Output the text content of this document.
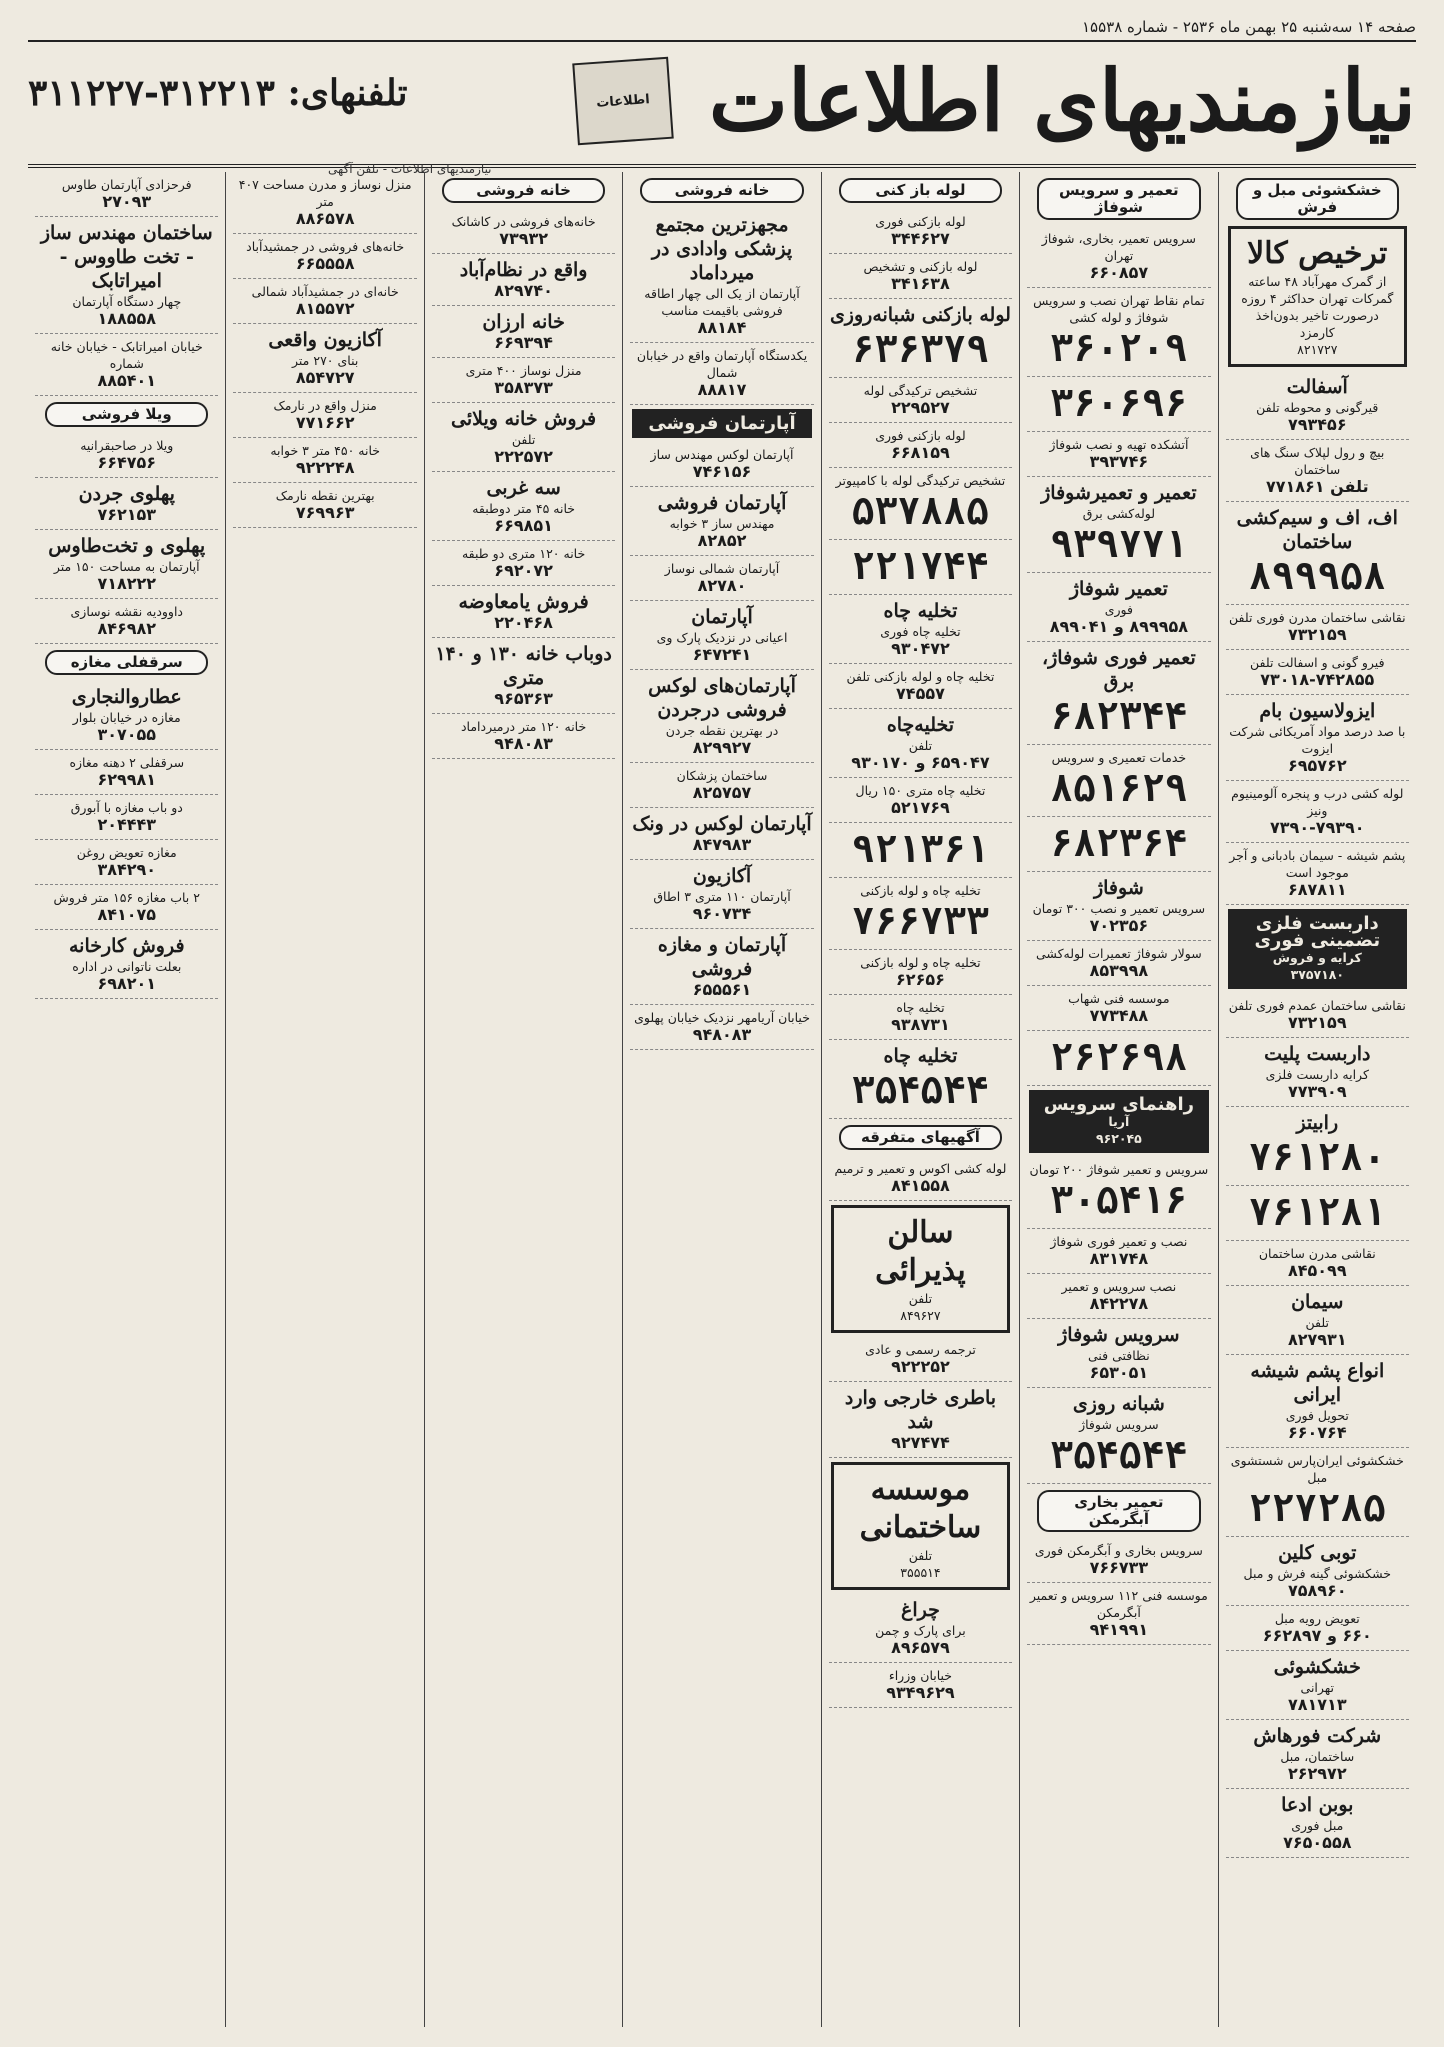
صفحه ۱۴ سه‌شنبه ۲۵ بهمن ماه ۲۵۳۶ - شماره ۱۵۵۳۸
نیازمندیهای اطلاعات
اطلاعات
تلفنهای: ۳۱۲۲۱۳-۳۱۱۲۲۷
نیازمندیهای اطلاعات - تلفن آگهی
خشکشوئی مبل و فرش
ترخیص کالا
از گمرک مهرآباد ۴۸ ساعته گمرکات تهران حداکثر ۴ روزه درصورت تاخیر بدون‌اخذ کارمزد
۸۲۱۷۲۷
آسفالت
قیرگونی و محوطه تلفن
۷۹۳۴۵۶
بیچ و رول لپلاک سنگ های ساختمان
تلفن ۷۷۱۸۶۱
اف، اف و سیم‌کشی ساختمان
۸۹۹۹۵۸
نقاشی ساختمان مدرن فوری تلفن
۷۳۲۱۵۹
فیرو گونی و اسفالت تلفن
۷۳۰۱۸-۷۴۲۸۵۵
ایزولاسیون بام
با صد درصد مواد آمریکائی شرکت ایزوت
۶۹۵۷۶۲
لوله کشی درب و پنجره آلومینیوم ونیز
۷۳۹۰-۷۹۳۹۰
پشم شیشه - سیمان بادبانی و آجر موجود است
۶۸۷۸۱۱
داربست فلزی تضمینی فوری
کرایه و فروش
۳۷۵۷۱۸۰
نقاشی ساختمان عمدم فوری تلفن
۷۳۲۱۵۹
داربست پلیت
کرایه داربست فلزی
۷۷۳۹۰۹
رابیتز
۷۶۱۲۸۰
۷۶۱۲۸۱
نقاشی مدرن ساختمان
۸۴۵۰۹۹
سیمان
تلفن
۸۲۷۹۳۱
انواع پشم شیشه ایرانی
تحویل فوری
۶۶۰۷۶۴
خشکشوئی ایران‌پارس شستشوی مبل
۲۲۷۲۸۵
توبی کلین
خشکشوئی گینه فرش و مبل
۷۵۸۹۶۰
تعویض رویه مبل
۶۶۰ و ۶۶۲۸۹۷
خشکشوئی
تهرانی
۷۸۱۷۱۳
شرکت فورهاش
ساختمان، مبل
۲۶۲۹۷۲
بوبن ادعا
مبل فوری
۷۶۵۰۵۵۸
تعمیر و سرویس شوفاژ
سرویس تعمیر، بخاری، شوفاژ تهران
۶۶۰۸۵۷
تمام نقاط تهران نصب و سرویس شوفاژ و لوله کشی
۳۶۰۲۰۹
۳۶۰۶۹۶
آتشکده تهیه و نصب شوفاژ
۳۹۳۷۴۶
تعمیر و تعمیرشوفاژ
لوله‌کشی برق
۹۳۹۷۷۱
تعمیر شوفاژ
فوری
۸۹۹۹۵۸ و ۸۹۹۰۴۱
تعمیر فوری شوفاژ، برق
۶۸۲۳۴۴
خدمات تعمیری و سرویس
۸۵۱۶۲۹
۶۸۲۳۶۴
شوفاژ
سرویس تعمیر و نصب ۳۰۰ تومان
۷۰۲۳۵۶
سولار شوفاژ تعمیرات لوله‌کشی
۸۵۳۹۹۸
موسسه فنی شهاب
۷۷۳۴۸۸
۲۶۲۶۹۸
راهنمای سرویس
آریا
۹۶۲۰۴۵
سرویس و تعمیر شوفاژ ۲۰۰ تومان
۳۰۵۴۱۶
نصب و تعمیر فوری شوفاژ
۸۳۱۷۴۸
نصب سرویس و تعمیر
۸۴۲۲۷۸
سرویس شوفاژ
نظافتی فنی
۶۵۳۰۵۱
شبانه روزی
سرویس شوفاژ
۳۵۴۵۴۴
تعمیر بخاری آبگرمکن
سرویس بخاری و آبگرمکن فوری
۷۶۶۷۳۳
موسسه فنی ۱۱۲ سرویس و تعمیر آبگرمکن
۹۴۱۹۹۱
لوله باز کنی
لوله بازکنی فوری
۳۴۴۶۲۷
لوله بازکنی و تشخیص
۳۴۱۶۳۸
لوله بازکنی شبانه‌روزی
۶۳۶۳۷۹
تشخیص ترکیدگی لوله
۲۲۹۵۲۷
لوله بازکنی فوری
۶۶۸۱۵۹
تشخیص ترکیدگی لوله با کامپیوتر
۵۳۷۸۸۵
۲۲۱۷۴۴
تخلیه چاه
تخلیه چاه فوری
۹۳۰۴۷۲
تخلیه چاه و لوله بازکنی تلفن
۷۴۵۵۷
تخلیه‌چاه
تلفن
۶۵۹۰۴۷ و ۹۳۰۱۷۰
تخلیه چاه متری ۱۵۰ ریال
۵۲۱۷۶۹
۹۲۱۳۶۱
تخلیه چاه و لوله بازکنی
۷۶۶۷۳۳
تخلیه چاه و لوله بازکنی
۶۲۶۵۶
تخلیه چاه
۹۳۸۷۳۱
تخلیه چاه
۳۵۴۵۴۴
آگهیهای متفرقه
لوله کشی اکوس و تعمیر و ترمیم
۸۴۱۵۵۸
سالن پذیرائی
تلفن
۸۴۹۶۲۷
ترجمه رسمی و عادی
۹۲۲۲۵۲
باطری خارجی وارد شد
۹۲۷۴۷۴
موسسه ساختمانی
تلفن
۳۵۵۵۱۴
چراغ
برای پارک و چمن
۸۹۶۵۷۹
خیابان وزراء
۹۳۴۹۶۲۹
خانه فروشی
مجهزترین مجتمع پزشکی وادادی در میرداماد
آپارتمان از یک الی چهار اطاقه فروشی باقیمت مناسب
۸۸۱۸۴
یکدستگاه آپارتمان واقع در خیابان شمال
۸۸۸۱۷
آپارتمان فروشی
آپارتمان لوکس مهندس ساز
۷۴۶۱۵۶
آپارتمان فروشی
مهندس ساز ۳ خوابه
۸۲۸۵۲
آپارتمان شمالی نوساز
۸۲۷۸۰
آپارتمان
اعیانی در نزدیک پارک وی
۶۴۷۲۴۱
آپارتمان‌های لوکس فروشی درجردن
در بهترین نقطه جردن
۸۲۹۹۲۷
ساختمان پزشکان
۸۲۵۷۵۷
آپارتمان لوکس در ونک
۸۴۷۹۸۳
آکازیون
آپارتمان ۱۱۰ متری ۳ اطاق
۹۶۰۷۳۴
آپارتمان و مغازه فروشی
۶۵۵۵۶۱
خیابان آریامهر نزدیک خیابان پهلوی
۹۴۸۰۸۳
خانه فروشی
خانه‌های فروشی در کاشانک
۷۳۹۳۲
واقع در نظام‌آباد
۸۲۹۷۴۰
خانه ارزان
۶۶۹۳۹۴
منزل نوساز ۴۰۰ متری
۳۵۸۳۷۳
فروش خانه ویلائی
تلفن
۲۲۲۵۷۲
سه غربی
خانه ۴۵ متر دوطبقه
۶۶۹۸۵۱
خانه ۱۲۰ متری دو طبقه
۶۹۲۰۷۲
فروش یامعاوضه
۲۲۰۴۶۸
دوباب خانه ۱۳۰ و ۱۴۰ متری
۹۶۵۳۶۳
خانه ۱۲۰ متر درمیرداماد
۹۴۸۰۸۳
منزل نوساز و مدرن مساحت ۴۰۷ متر
۸۸۶۵۷۸
خانه‌های فروشی در جمشیدآباد
۶۶۵۵۵۸
خانه‌ای در جمشیدآباد شمالی
۸۱۵۵۷۲
آکازیون واقعی
بنای ۲۷۰ متر
۸۵۴۷۲۷
منزل واقع در نارمک
۷۷۱۶۶۲
خانه ۴۵۰ متر ۳ خوابه
۹۲۲۲۴۸
بهترین نقطه نارمک
۷۶۹۹۶۳
فرحزادی آپارتمان طاوس
۲۷۰۹۳
ساختمان مهندس ساز - تخت طاووس - امیراتابک
چهار دستگاه آپارتمان
۱۸۸۵۵۸
خیابان امیراتابک - خیابان خانه شماره
۸۸۵۴۰۱
ویلا فروشی
ویلا در صاحبقرانیه
۶۶۴۷۵۶
پهلوی جردن
۷۶۲۱۵۳
پهلوی و تخت‌طاوس
آپارتمان به مساحت ۱۵۰ متر
۷۱۸۲۲۲
داوودیه نقشه نوسازی
۸۴۶۹۸۲
سرقفلی مغازه
عطاروالنجاری
مغازه در خیابان بلوار
۳۰۷۰۵۵
سرقفلی ۲ دهنه مغازه
۶۲۹۹۸۱
دو باب مغازه با آبورق
۲۰۴۴۴۳
مغازه تعویض روغن
۳۸۴۲۹۰
۲ باب مغازه ۱۵۶ متر فروش
۸۴۱۰۷۵
فروش کارخانه
بعلت ناتوانی در اداره
۶۹۸۲۰۱
